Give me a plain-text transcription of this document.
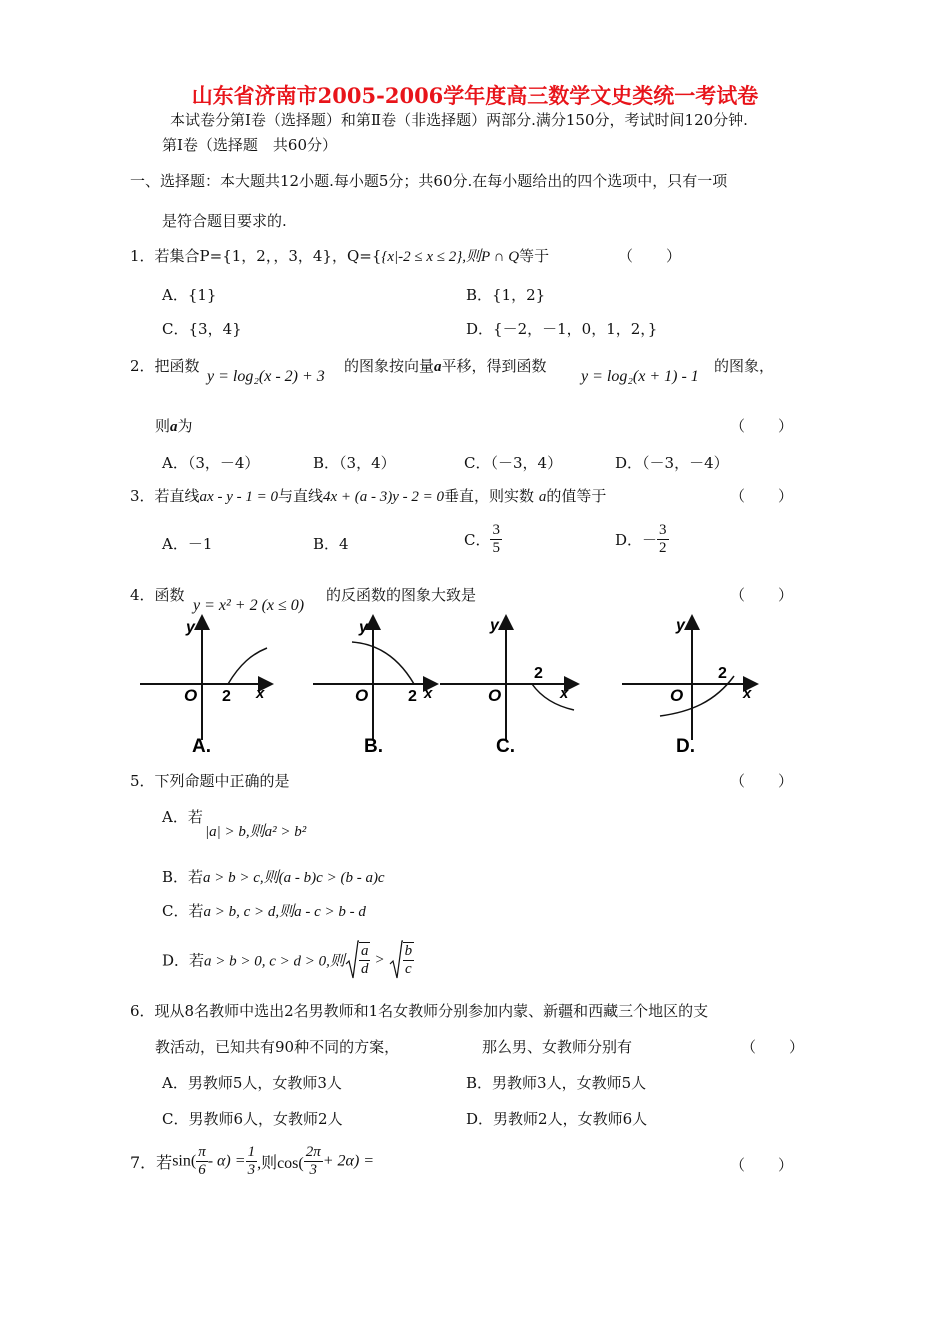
山东省济南市2005-2006学年度高三数学文史类统一考试卷
本试卷分第Ⅰ卷（选择题）和第Ⅱ卷（非选择题）两部分.满分150分，考试时间120分钟.
第Ⅰ卷（选择题　共60分）
一、选择题：本大题共12小题.每小题5分；共60分.在每小题给出的四个选项中，只有一项
是符合题目要求的.
1．若集合P={1，2，，3，4}，Q={{x|-2 ≤ x ≤ 2},则P ∩ Q等于	（　　）
A．{1}	B．{1，2}
C．{3，4}	D．{－2，－1，0，1，2，}
2．把函数
y = log₂(x - 2) + 3
的图象按向量a平移，得到函数
y = log₂(x + 1) - 1
的图象，
则a为	（　　）
A．（3，－4）	B．（3，4）	C．（－3，4）	D．（－3，－4）
3．若直线ax - y - 1 = 0与直线4x + (a - 3)y - 2 = 0垂直，则实数 a的值等于	（　　）
A．－1	B．4	C． $\frac{3}{5}$	D．－ $\frac{3}{2}$
4．函数
y = x² + 2 (x ≤ 0)
的反函数的图象大致是	（　　）
O 2 x
y
A.
O 2 x
y
B.
O
2
x
y
C.
O
2
x
y
D.
5．下列命题中正确的是	（　　）
A．若
|a| > b,则a² > b²
B．若a > b > c,则(a - b)c > (b - a)c
C．若a > b, c > d,则a - c > b - d
D．若a > b > 0, c > d > 0,则 $\frac{a}{d} > \frac{b}{c}$
6．现从8名教师中选出2名男教师和1名女教师分别参加内蒙、新疆和西藏三个地区的支
教活动，已知共有90种不同的方案，	那么男、女教师分别有	（　　）
A．男教师5人，女教师3人	B．男教师3人，女教师5人
C．男教师6人，女教师2人	D．男教师2人，女教师6人
7．若$\sin( \frac{\pi}{6} - \alpha) = \frac{1}{3}$ ,则$\cos( \frac{2\pi}{3} + 2\alpha)$ =	（　　）
